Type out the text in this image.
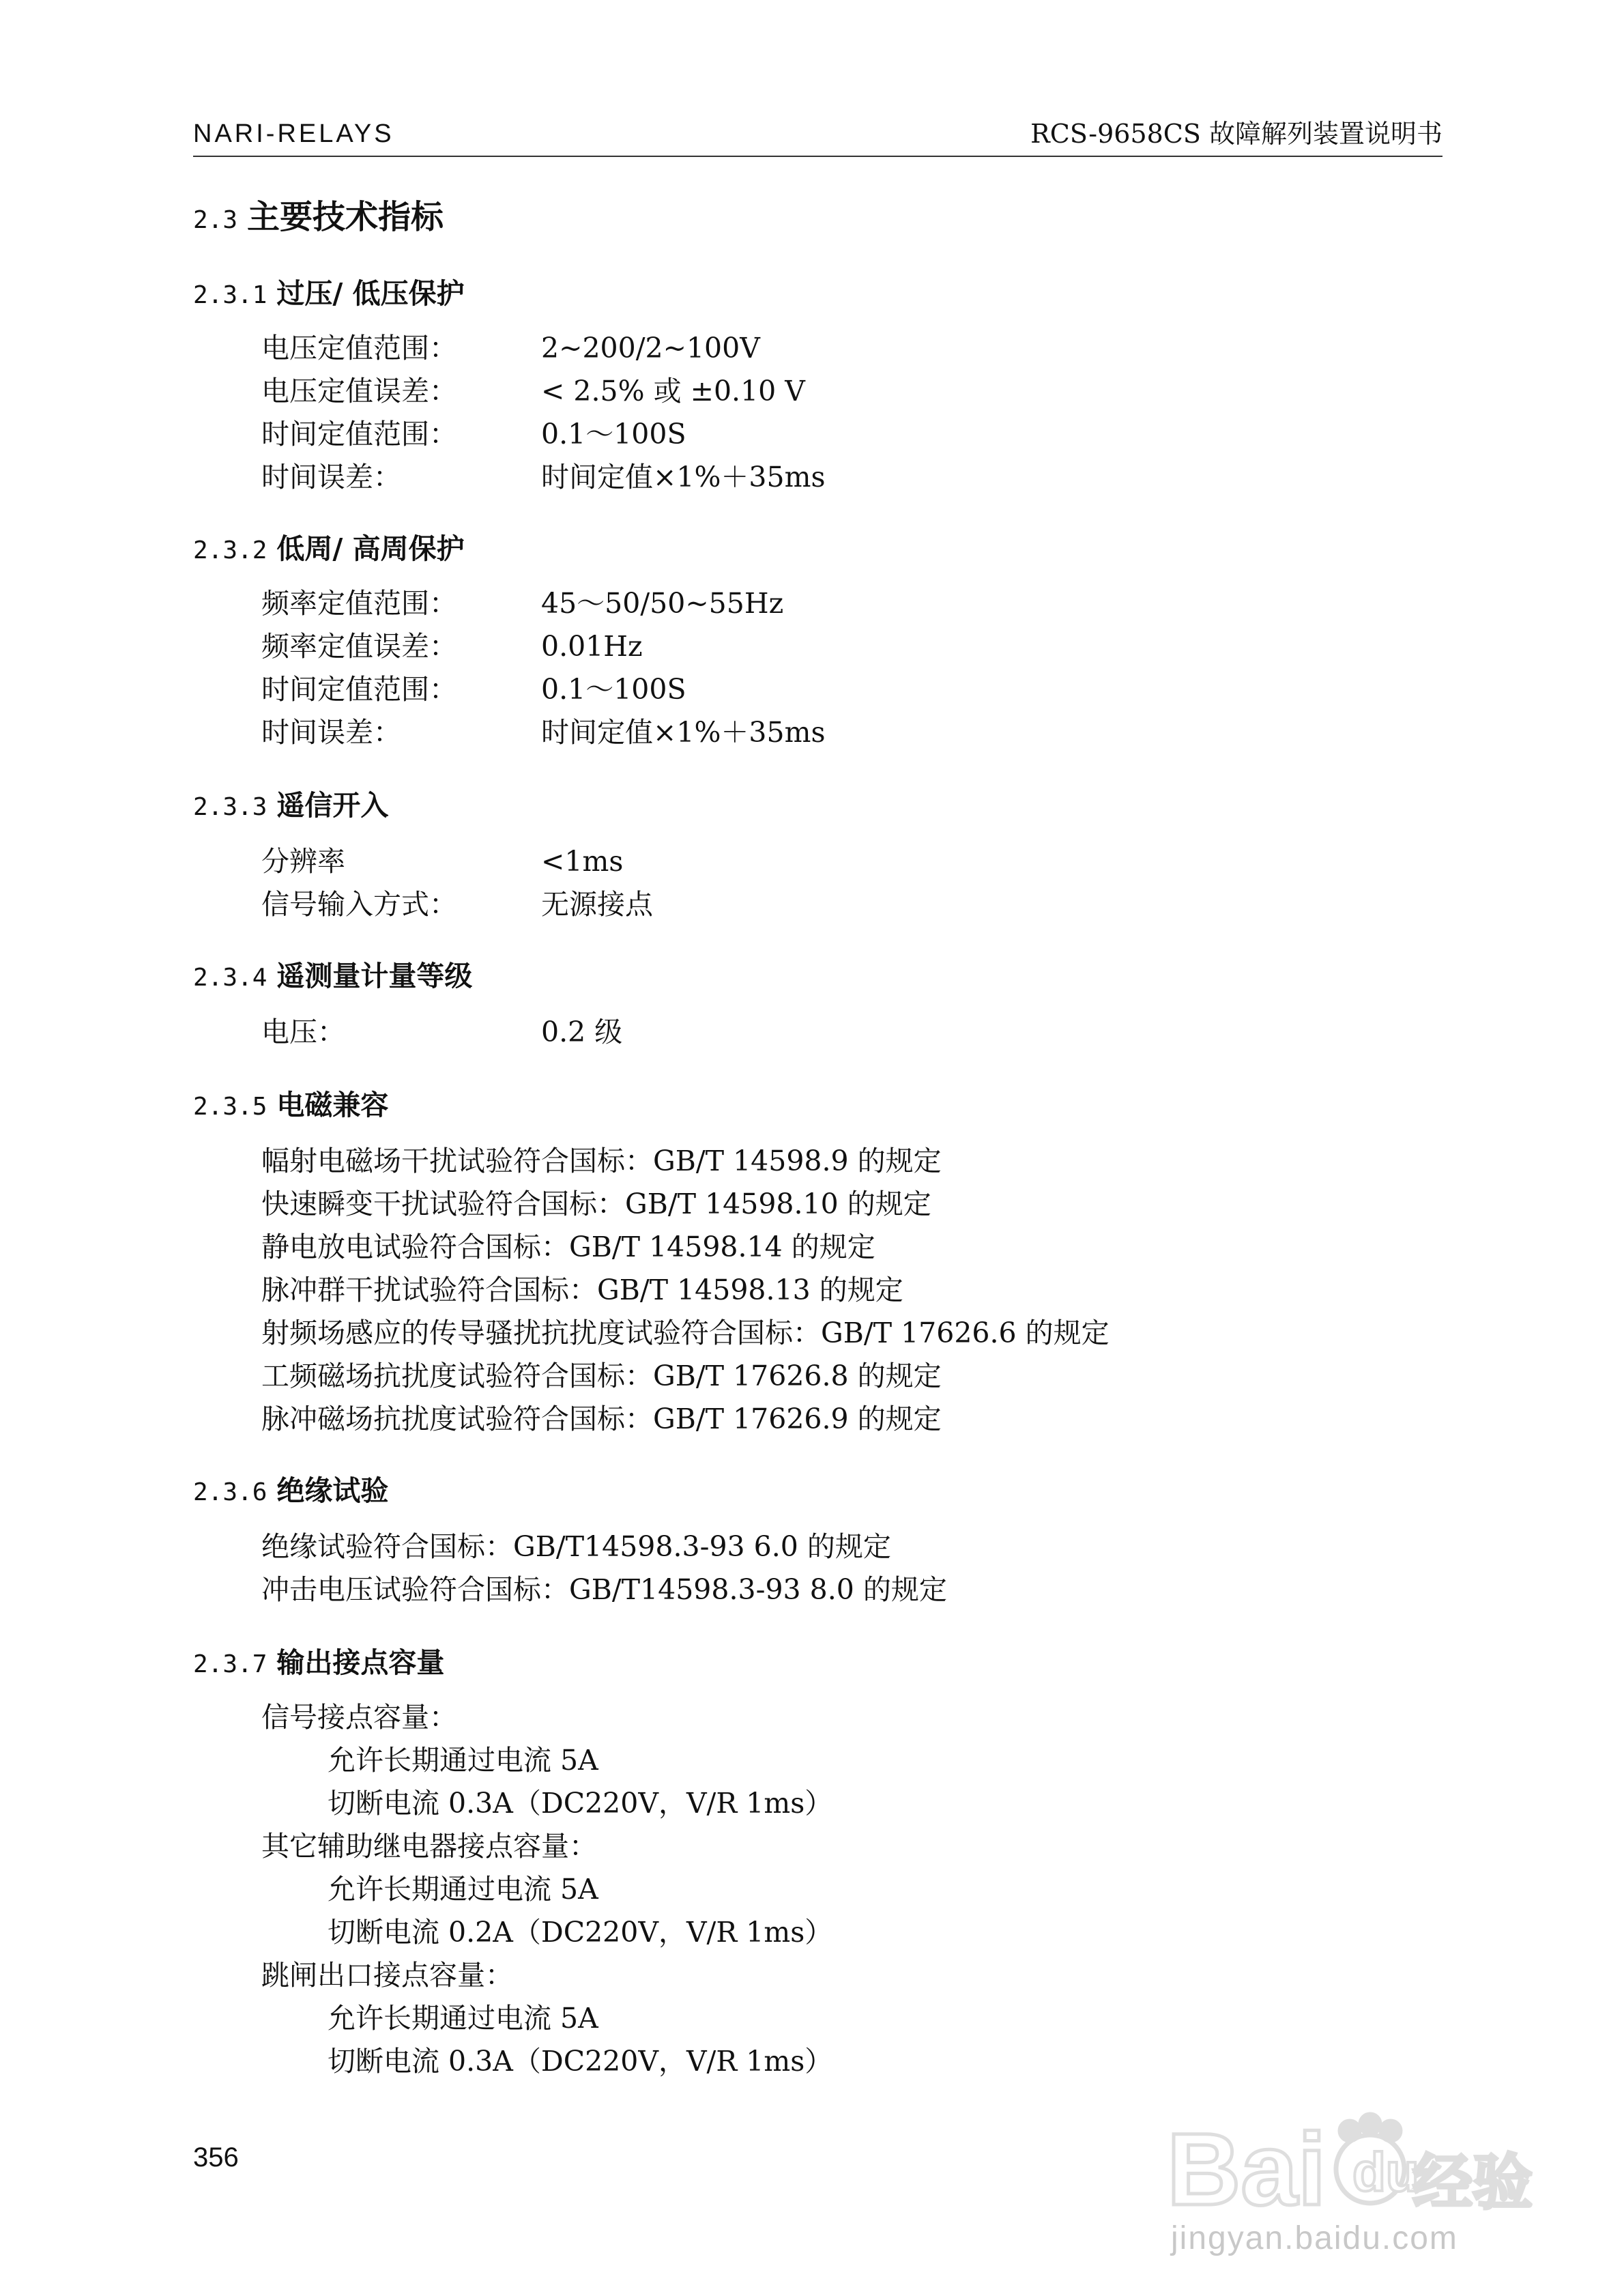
NARI-RELAYS	RCS-9658CS 故障解列装置说明书
2.3 主要技术指标
2.3.1 过压/ 低压保护
电压定值范围：	2~200/2~100V
电压定值误差：	< 2.5% 或 ±0.10 V
时间定值范围：	0.1～100S
时间误差：	时间定值×1%＋35ms
2.3.2 低周/ 高周保护
频率定值范围：	45～50/50~55Hz
频率定值误差：	0.01Hz
时间定值范围：	0.1～100S
时间误差：	时间定值×1%＋35ms
2.3.3 遥信开入
分辨率	<1ms
信号输入方式：	无源接点
2.3.4 遥测量计量等级
电压：	0.2 级
2.3.5 电磁兼容
幅射电磁场干扰试验符合国标：GB/T 14598.9 的规定
快速瞬变干扰试验符合国标：GB/T 14598.10 的规定
静电放电试验符合国标：GB/T 14598.14 的规定
脉冲群干扰试验符合国标：GB/T 14598.13 的规定
射频场感应的传导骚扰抗扰度试验符合国标：GB/T 17626.6 的规定
工频磁场抗扰度试验符合国标：GB/T 17626.8 的规定
脉冲磁场抗扰度试验符合国标：GB/T 17626.9 的规定
2.3.6 绝缘试验
绝缘试验符合国标：GB/T14598.3-93 6.0 的规定
冲击电压试验符合国标：GB/T14598.3-93 8.0 的规定
2.3.7 输出接点容量
信号接点容量：
允许长期通过电流 5A
切断电流 0.3A（DC220V，V/R 1ms）
其它辅助继电器接点容量：
允许长期通过电流 5A
切断电流 0.2A（DC220V，V/R 1ms）
跳闸出口接点容量：
允许长期通过电流 5A
切断电流 0.3A（DC220V，V/R 1ms）
356	Bai du
经验
jingyan.baidu.com
